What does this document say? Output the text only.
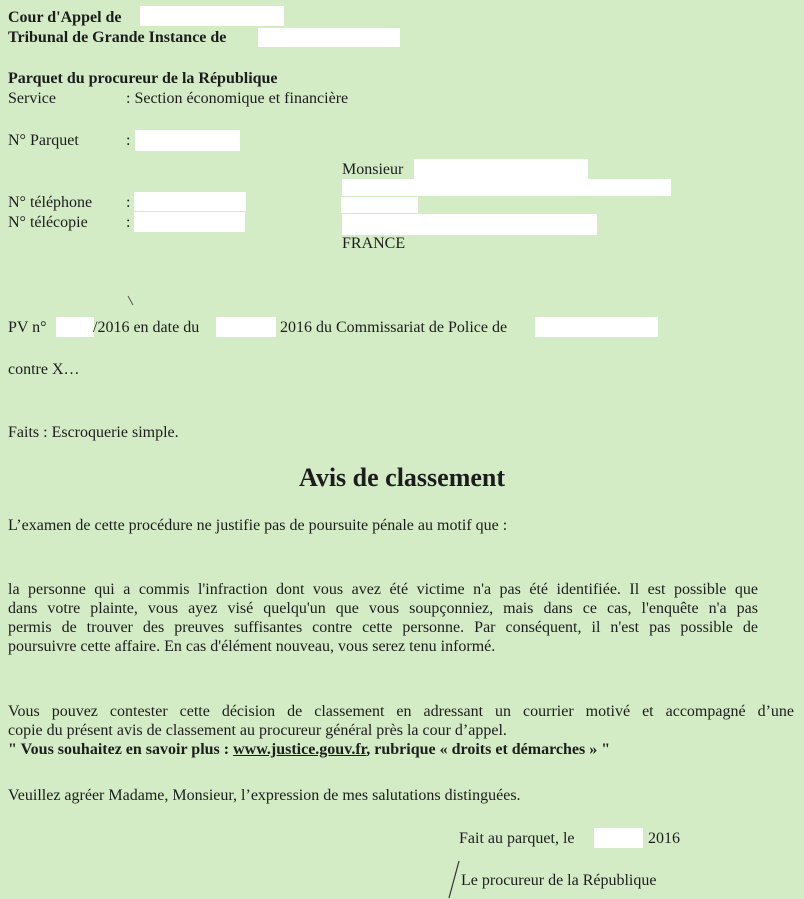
Cour d'Appel de
Tribunal de Grande Instance de
Parquet du procureur de la République
Service	: Section économique et financière
N° Parquet	:
Monsieur
FRANCE
N° téléphone :
N° télécopie :
PV n°	/2016 en date du	2016 du Commissariat de Police de
contre X…
Faits : Escroquerie simple.
Avis de classement
L’examen de cette procédure ne justifie pas de poursuite pénale au motif que :
la personne qui a commis l'infraction dont vous avez été victime n'a pas été identifiée. Il est possible que
dans votre plainte, vous ayez visé quelqu'un que vous soupçonniez, mais dans ce cas, l'enquête n'a pas
permis de trouver des preuves suffisantes contre cette personne. Par conséquent, il n'est pas possible de
poursuivre cette affaire. En cas d'élément nouveau, vous serez tenu informé.
Vous pouvez contester cette décision de classement en adressant un courrier motivé et accompagné d’une
copie du présent avis de classement au procureur général près la cour d’appel.
" Vous souhaitez en savoir plus : www.justice.gouv.fr, rubrique « droits et démarches » "
Veuillez agréer Madame, Monsieur, l’expression de mes salutations distinguées.
Fait au parquet, le	2016
Le procureur de la République
